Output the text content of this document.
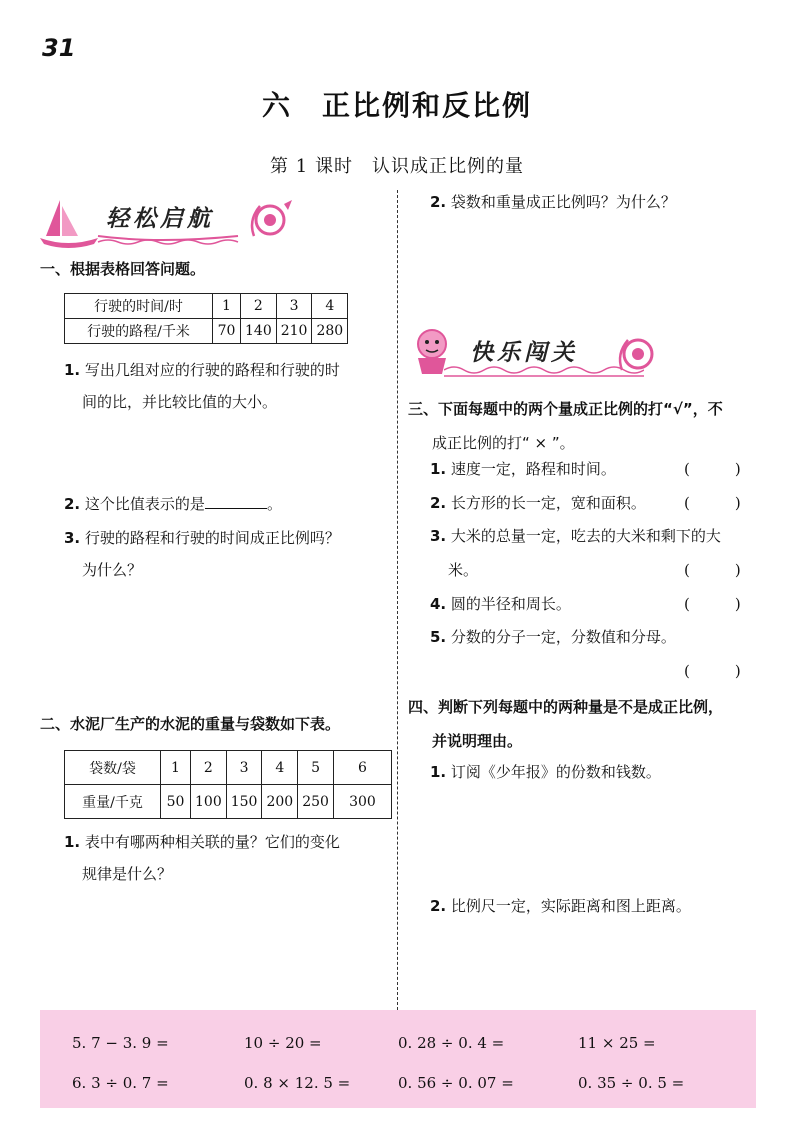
31
六　正比例和反比例
第 1 课时　认识成正比例的量
轻松启航
一、根据表格回答问题。
行驶的时间/时	1	2	3	4
行驶的路程/千米	70	140	210	280
1. 写出几组对应的行驶的路程和行驶的时
间的比，并比较比值的大小。
2. 这个比值表示的是	。
3. 行驶的路程和行驶的时间成正比例吗？
为什么？
二、水泥厂生产的水泥的重量与袋数如下表。
袋数/袋	1	2	3	4	5	6
重量/千克	50	100	150	200	250	300
1. 表中有哪两种相关联的量？它们的变化
规律是什么？
2. 袋数和重量成正比例吗？为什么？
快乐闯关
三、下面每题中的两个量成正比例的打“√”，不
成正比例的打“ × ”。
1. 速度一定，路程和时间。	(　　　)
2. 长方形的长一定，宽和面积。	(　　　)
3. 大米的总量一定，吃去的大米和剩下的大
米。	(　　　)
4. 圆的半径和周长。	(　　　)
5. 分数的分子一定，分数值和分母。
(　　　)
四、判断下列每题中的两种量是不是成正比例，
并说明理由。
1. 订阅《少年报》的份数和钱数。
2. 比例尺一定，实际距离和图上距离。
5. 7 − 3. 9 =	10 ÷ 20 =	0. 28 ÷ 0. 4 =	11 × 25 =
6. 3 ÷ 0. 7 =	0. 8 × 12. 5 =	0. 56 ÷ 0. 07 =	0. 35 ÷ 0. 5 =
